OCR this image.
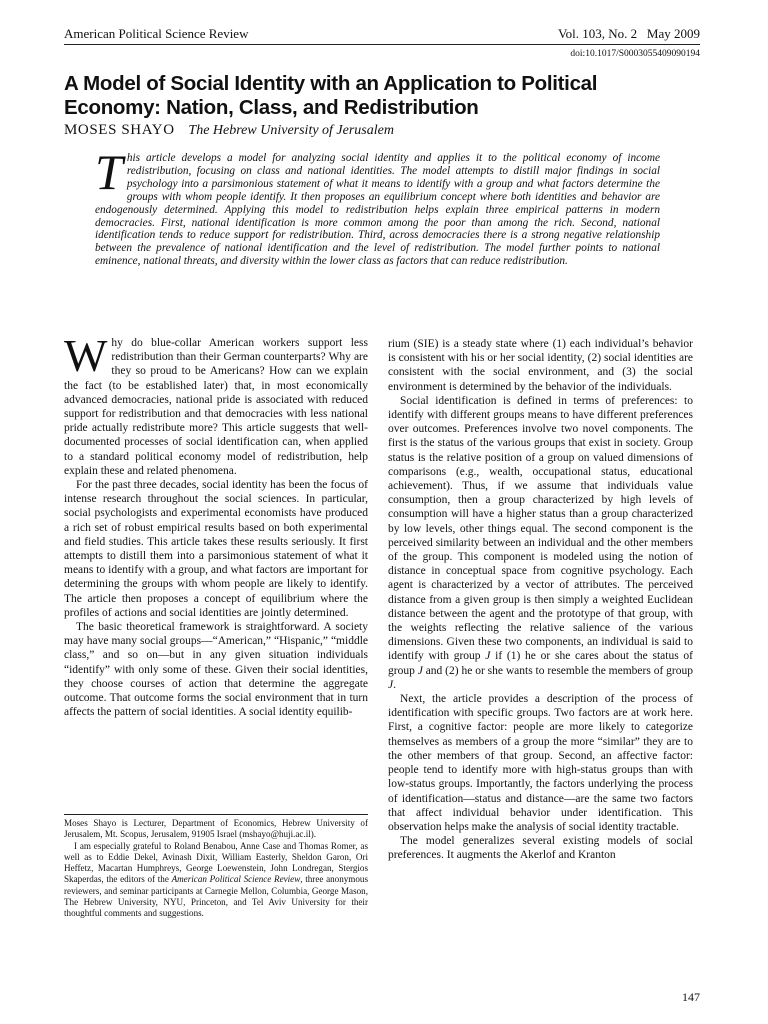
American Political Science Review	Vol. 103, No. 2   May 2009
doi:10.1017/S0003055409090194
A Model of Social Identity with an Application to Political
Economy: Nation, Class, and Redistribution
MOSES SHAYO The Hebrew University of Jerusalem
T his article develops a model for analyzing social identity and applies it to the political economy of income redistribution, focusing on class and national identities. The model attempts to distill major findings in social psychology into a parsimonious statement of what it means to identify with a group and what factors determine the groups with whom people identify. It then proposes an equilibrium concept where both identities and behavior are endogenously determined. Applying this model to redistribution helps explain three empirical patterns in modern democracies. First, national identification is more common among the poor than among the rich. Second, national identification tends to reduce support for redistribution. Third, across democracies there is a strong negative relationship between the prevalence of national identification and the level of redistribution. The model further points to national eminence, national threats, and diversity within the lower class as factors that can reduce redistribution.

Why do blue-collar American workers support less redistribution than their German counterparts? Why are they so proud to be Americans? How can we explain the fact (to be established later) that, in most economically advanced democracies, national pride is associated with reduced support for redistribution and that democracies with less national pride actually redistribute more? This article suggests that well-documented processes of social identification can, when applied to a standard political economy model of redistribution, help explain these and related phenomena.

For the past three decades, social identity has been the focus of intense research throughout the social sciences. In particular, social psychologists and experimental economists have produced a rich set of robust empirical results based on both experimental and field studies. This article takes these results seriously. It first attempts to distill them into a parsimonious statement of what it means to identify with a group, and what factors are important for determining the groups with whom people are likely to identify. The article then proposes a concept of equilibrium where the profiles of actions and social identities are jointly determined.

The basic theoretical framework is straightforward. A society may have many social groups—“American,” “Hispanic,” “middle class,” and so on—but in any given situation individuals “identify” with only some of these. Given their social identities, they choose courses of action that determine the aggregate outcome. That outcome forms the social environment that in turn affects the pattern of social identities. A social identity equilib-

Moses Shayo is Lecturer, Department of Economics, Hebrew University of Jerusalem, Mt. Scopus, Jerusalem, 91905 Israel (mshayo@huji.ac.il).

I am especially grateful to Roland Benabou, Anne Case and Thomas Romer, as well as to Eddie Dekel, Avinash Dixit, William Easterly, Sheldon Garon, Ori Heffetz, Macartan Humphreys, George Loewenstein, John Londregan, Stergios Skaperdas, the editors of the American Political Science Review, three anonymous reviewers, and seminar participants at Carnegie Mellon, Columbia, George Mason, The Hebrew University, NYU, Princeton, and Tel Aviv University for their thoughtful comments and suggestions.

rium (SIE) is a steady state where (1) each individual’s behavior is consistent with his or her social identity, (2) social identities are consistent with the social environment, and (3) the social environment is determined by the behavior of the individuals.

Social identification is defined in terms of preferences: to identify with different groups means to have different preferences over outcomes. Preferences involve two novel components. The first is the status of the various groups that exist in society. Group status is the relative position of a group on valued dimensions of comparisons (e.g., wealth, occupational status, educational achievement). Thus, if we assume that individuals value consumption, then a group characterized by high levels of consumption will have a higher status than a group characterized by low levels, other things equal. The second component is the perceived similarity between an individual and the other members of the group. This component is modeled using the notion of distance in conceptual space from cognitive psychology. Each agent is characterized by a vector of attributes. The perceived distance from a given group is then simply a weighted Euclidean distance between the agent and the prototype of that group, with the weights reflecting the relative salience of the various dimensions. Given these two components, an individual is said to identify with group J if (1) he or she cares about the status of group J and (2) he or she wants to resemble the members of group J.

Next, the article provides a description of the process of identification with specific groups. Two factors are at work here. First, a cognitive factor: people are more likely to categorize themselves as members of a group the more “similar” they are to the other members of that group. Second, an affective factor: people tend to identify more with high-status groups than with low-status groups. Importantly, the factors underlying the process of identification—status and distance—are the same two factors that affect individual behavior under identification. This observation helps make the analysis of social identity tractable.

The model generalizes several existing models of social preferences. It augments the Akerlof and Kranton

147
